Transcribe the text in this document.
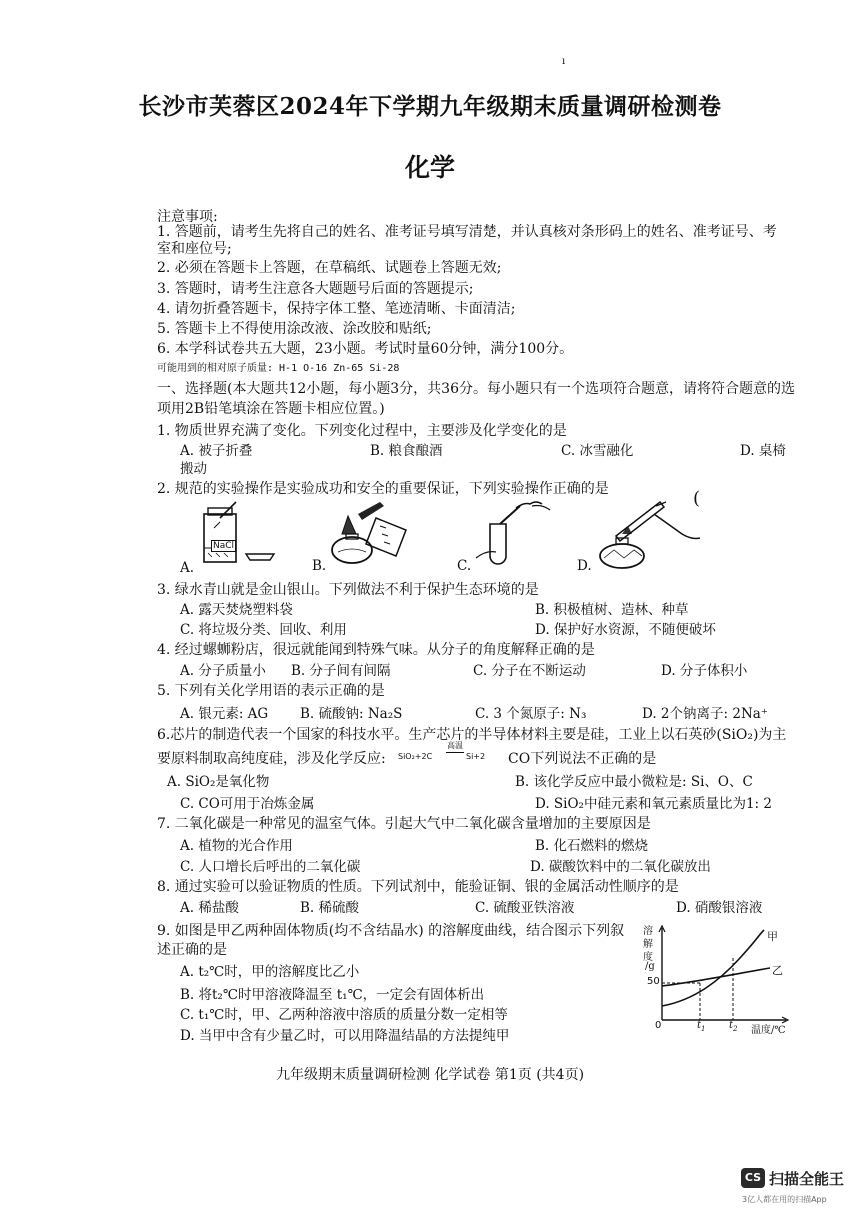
ı
长沙市芙蓉区2024年下学期九年级期末质量调研检测卷
化学
注意事项:
1. 答题前，请考生先将自己的姓名、准考证号填写清楚，并认真核对条形码上的姓名、准考证号、考
室和座位号;
2. 必须在答题卡上答题，在草稿纸、试题卷上答题无效;
3. 答题时，请考生注意各大题题号后面的答题提示;
4. 请勿折叠答题卡，保持字体工整、笔迹清晰、卡面清洁;
5. 答题卡上不得使用涂改液、涂改胶和贴纸;
6. 本学科试卷共五大题，23小题。考试时量60分钟，满分100分。
可能用到的相对原子质量: H-1 O-16 Zn-65 Si-28
一、选择题(本大题共12小题，每小题3分，共36分。每小题只有一个选项符合题意，请将符合题意的选
项用2B铅笔填涂在答题卡相应位置。)
1. 物质世界充满了变化。下列变化过程中，主要涉及化学变化的是
A. 被子折叠	B. 粮食酿酒	C. 冰雪融化	D. 桌椅
搬动
2. 规范的实验操作是实验成功和安全的重要保证，下列实验操作正确的是
A.	B.	C.	D.
(
NaCl
3. 绿水青山就是金山银山。下列做法不利于保护生态环境的是
A. 露天焚烧塑料袋	B. 积极植树、造林、种草
C. 将垃圾分类、回收、利用	D. 保护好水资源，不随便破坏
4. 经过螺蛳粉店，很远就能闻到特殊气味。从分子的角度解释正确的是
A. 分子质量小 B. 分子间有间隔	C. 分子在不断运动	D. 分子体积小
5. 下列有关化学用语的表示正确的是
A. 银元素: AG B. 硫酸钠: Na₂S	C. 3 个氮原子: N₃	D. 2个钠离子: 2Na⁺
6.芯片的制造代表一个国家的科技水平。生产芯片的半导体材料主要是硅，工业上以石英砂(SiO₂)为主
要原料制取高纯度硅，涉及化学反应: SiO₂+2C
高温
Si+2 CO下列说法不正确的是
A. SiO₂是氧化物	B. 该化学反应中最小微粒是: Si、O、C
C. CO可用于冶炼金属	D. SiO₂中硅元素和氧元素质量比为1: 2
7. 二氧化碳是一种常见的温室气体。引起大气中二氧化碳含量增加的主要原因是
A. 植物的光合作用	B. 化石燃料的燃烧
C. 人口增长后呼出的二氧化碳	D. 碳酸饮料中的二氧化碳放出
8. 通过实验可以验证物质的性质。下列试剂中，能验证铜、银的金属活动性顺序的是
A. 稀盐酸	B. 稀硫酸	C. 硫酸亚铁溶液	D. 硝酸银溶液
9. 如图是甲乙两种固体物质(均不含结晶水) 的溶解度曲线，结合图示下列叙
述正确的是
A. t₂℃时，甲的溶解度比乙小
B. 将t₂℃时甲溶液降温至 t₁℃，一定会有固体析出
C. t₁℃时，甲、乙两种溶液中溶质的质量分数一定相等
D. 当甲中含有少量乙时，可以用降温结晶的方法提纯甲
溶
解
度
/g
50
0	$t_1$ $t_2$ 温度/℃
甲
乙
九年级期末质量调研检测 化学试卷 第1页 (共4页)
CS 扫描全能王
3亿人都在用的扫描App
